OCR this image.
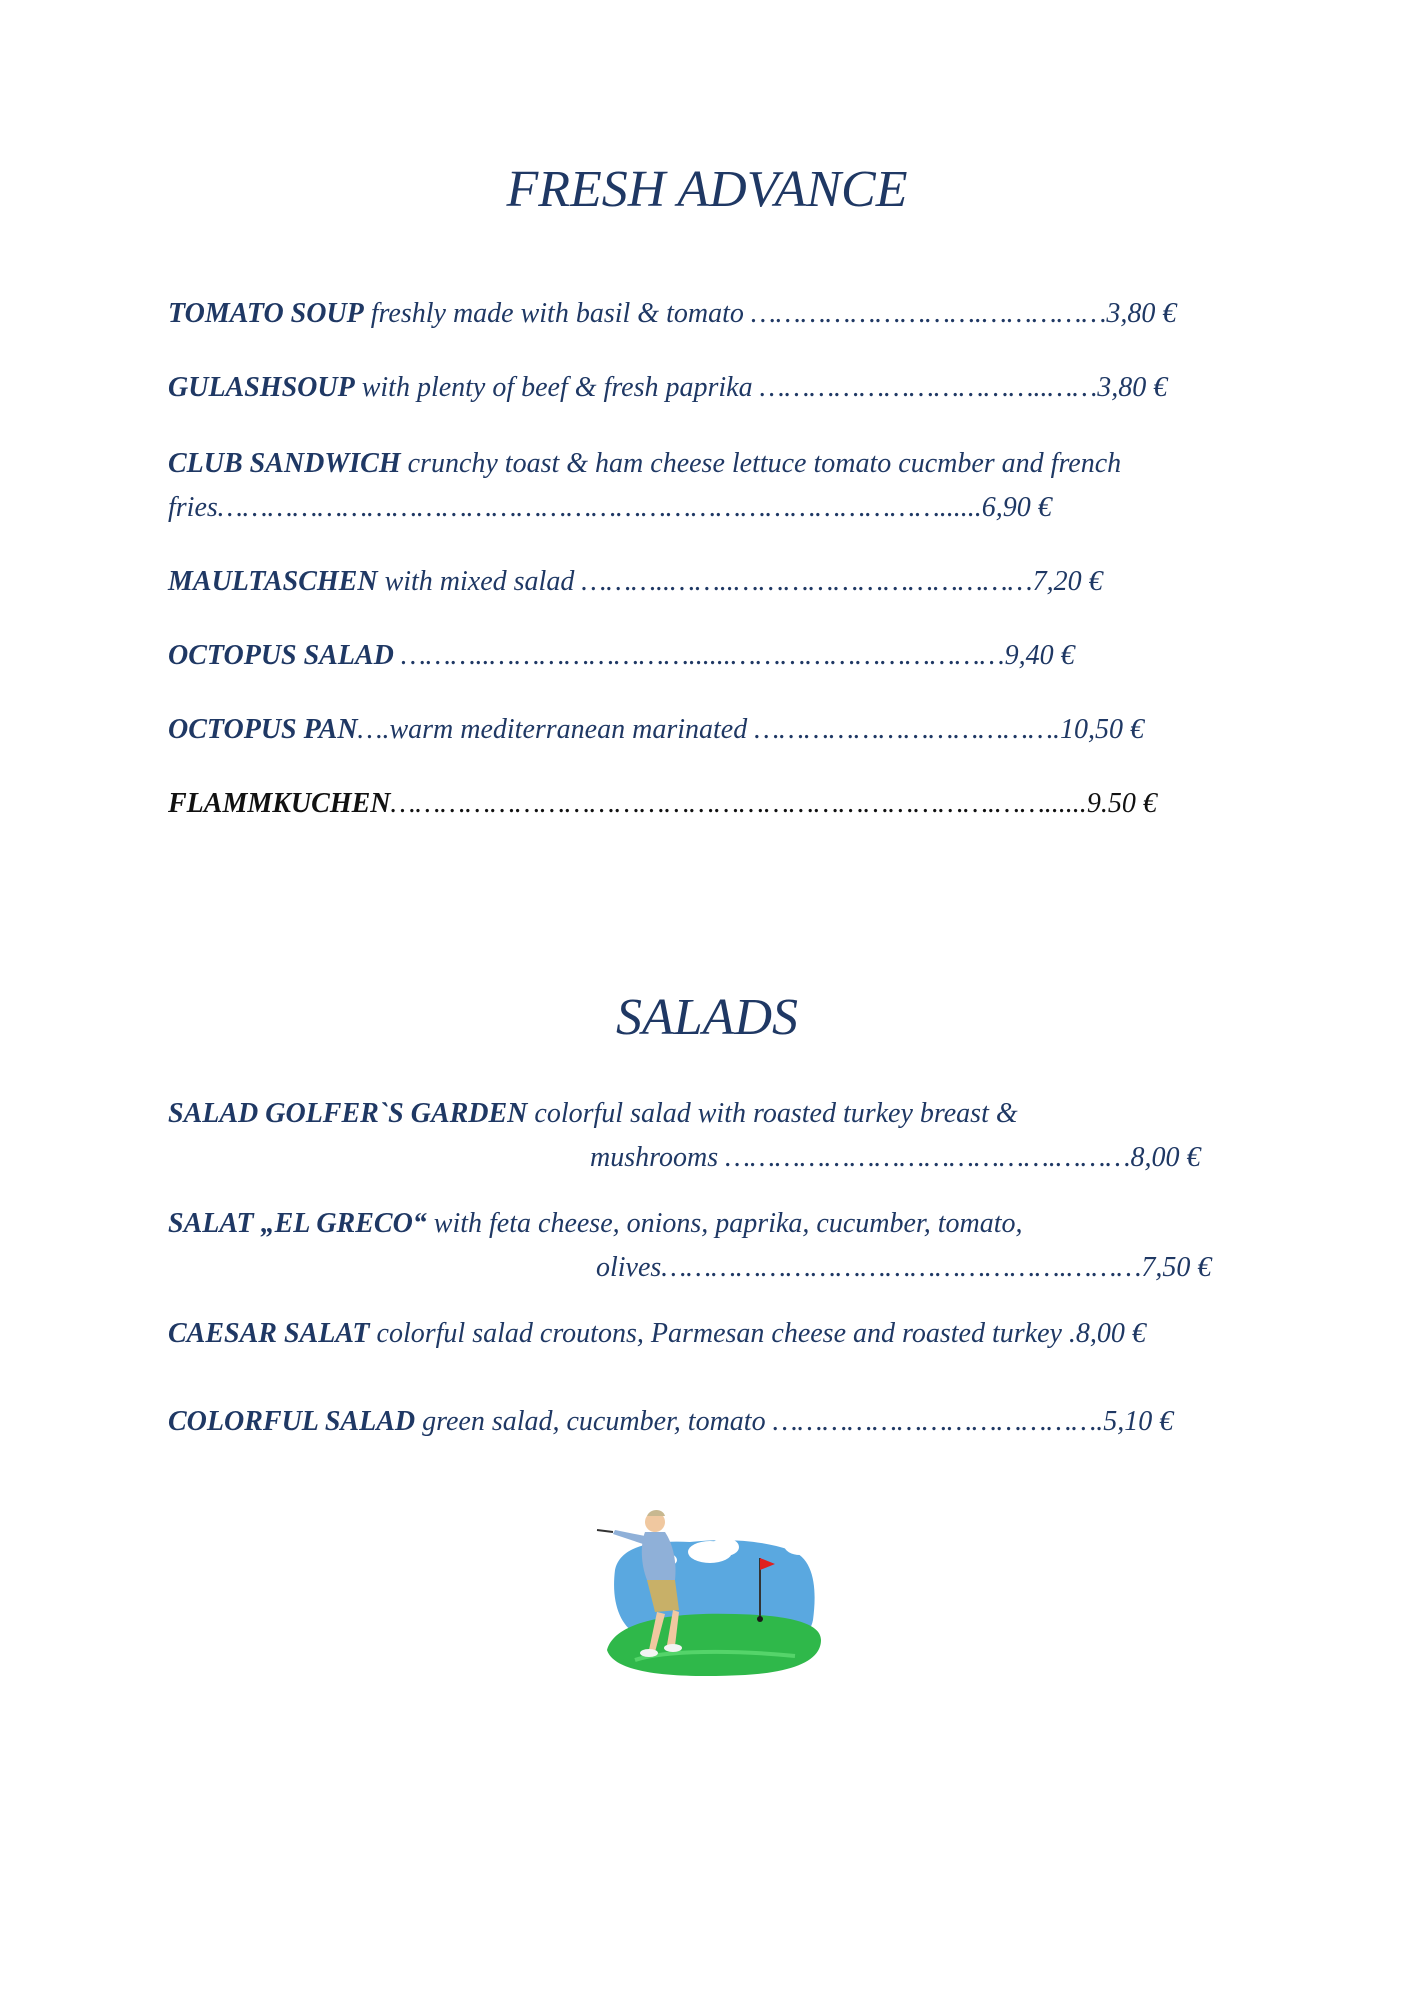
FRESH ADVANCE
TOMATO SOUP freshly made with basil & tomato ……………………….……………3,80 €
GULASHSOUP with plenty of beef & fresh paprika ……………………………..……3,80 €
CLUB SANDWICH crunchy toast & ham cheese lettuce tomato cucmber and french
fries……………………………………………………………………………......6,90 €
MAULTASCHEN with mixed salad ………..……..………………………………7,20 €
OCTOPUS SALAD ………..……………………......……………………………9,40 €
OCTOPUS PAN….warm mediterranean marinated ……………………………….10,50 €
FLAMMKUCHEN……………………………………………………………….……......9.50 €
SALADS
SALAD GOLFER`S GARDEN colorful salad with roasted turkey breast &
mushrooms ………………………………….………8,00 €
SALAT „EL GRECO“ with feta cheese, onions, paprika, cucumber, tomato,
olives………………………………………….………7,50 €
CAESAR SALAT colorful salad croutons, Parmesan cheese and roasted turkey .8,00 €
COLORFUL SALAD green salad, cucumber, tomato ………………………………….5,10 €
